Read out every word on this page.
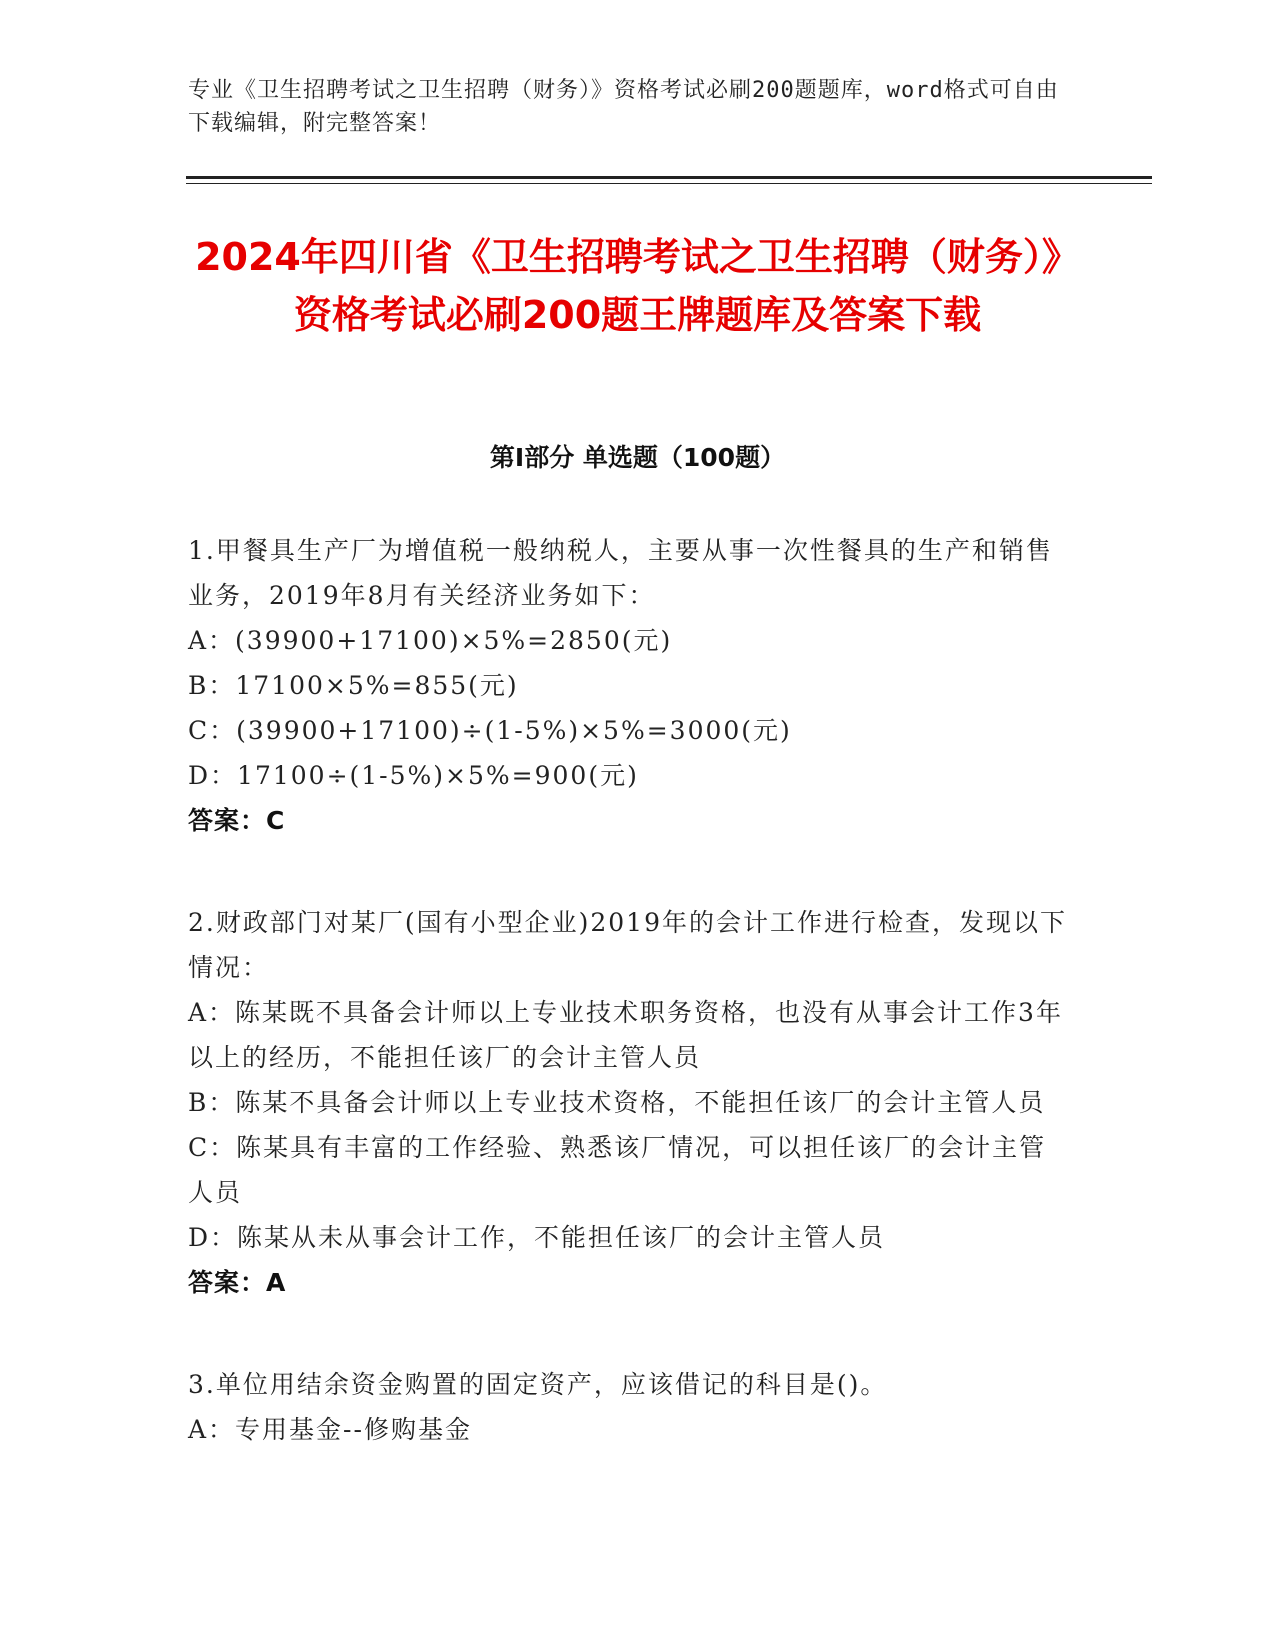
专业《卫生招聘考试之卫生招聘（财务）》资格考试必刷200题题库，word格式可自由下载编辑，附完整答案！
2024年四川省《卫生招聘考试之卫生招聘（财务）》资格考试必刷200题王牌题库及答案下载
第I部分 单选题（100题）
1.甲餐具生产厂为增值税一般纳税人，主要从事一次性餐具的生产和销售业务，2019年8月有关经济业务如下：
A：(39900+17100)×5%=2850(元)
B：17100×5%=855(元)
C：(39900+17100)÷(1-5%)×5%=3000(元)
D：17100÷(1-5%)×5%=900(元)
答案：C
2.财政部门对某厂(国有小型企业)2019年的会计工作进行检查，发现以下情况：
A：陈某既不具备会计师以上专业技术职务资格，也没有从事会计工作3年以上的经历，不能担任该厂的会计主管人员
B：陈某不具备会计师以上专业技术资格，不能担任该厂的会计主管人员
C：陈某具有丰富的工作经验、熟悉该厂情况，可以担任该厂的会计主管人员
D：陈某从未从事会计工作，不能担任该厂的会计主管人员
答案：A
3.单位用结余资金购置的固定资产，应该借记的科目是()。
A：专用基金--修购基金
